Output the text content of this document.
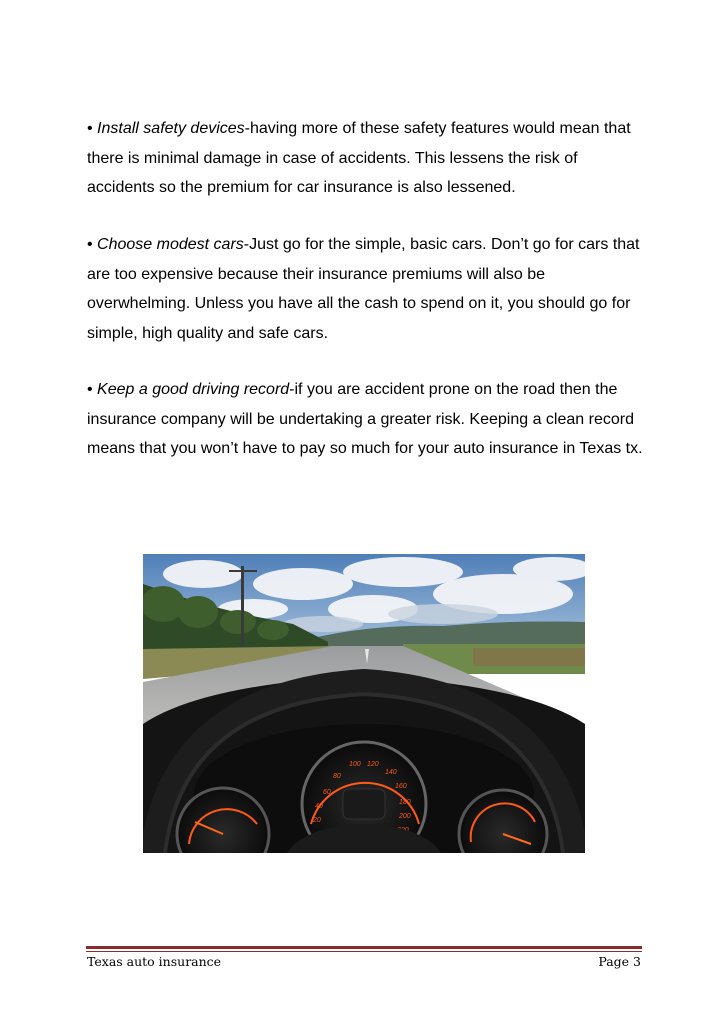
• Install safety devices-having more of these safety features would mean that there is minimal damage in case of accidents. This lessens the risk of accidents so the premium for car insurance is also lessened.

• Choose modest cars-Just go for the simple, basic cars. Don’t go for cars that are too expensive because their insurance premiums will also be overwhelming. Unless you have all the cash to spend on it, you should go for simple, high quality and safe cars.

• Keep a good driving record-if you are accident prone on the road then the insurance company will be undertaking a greater risk. Keeping a clean record means that you won’t have to pay so much for your auto insurance in Texas tx.

60
80
100 120
140
160
180
200
40
20
Texas auto insurance	Page 3
